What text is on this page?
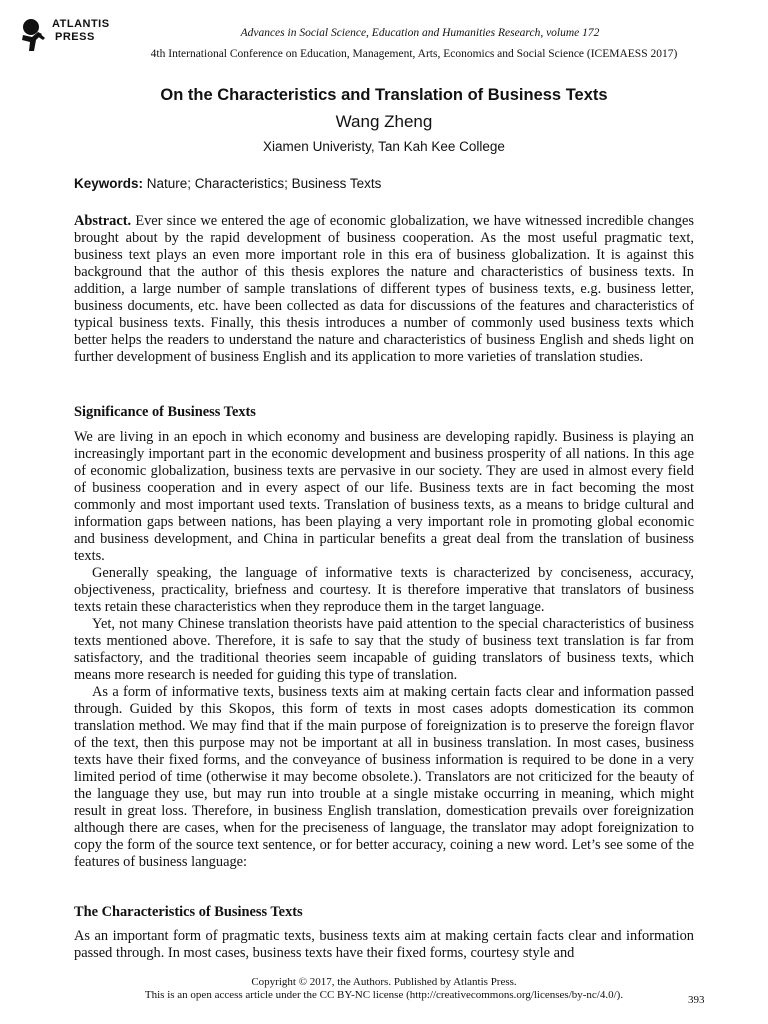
ATLANTIS
PRESS	Advances in Social Science, Education and Humanities Research, volume 172
4th International Conference on Education, Management, Arts, Economics and Social Science (ICEMAESS 2017)
On the Characteristics and Translation of Business Texts
Wang Zheng
Xiamen Univeristy, Tan Kah Kee College
Keywords: Nature; Characteristics; Business Texts

Abstract. Ever since we entered the age of economic globalization, we have witnessed incredible changes brought about by the rapid development of business cooperation. As the most useful pragmatic text, business text plays an even more important role in this era of business globalization. It is against this background that the author of this thesis explores the nature and characteristics of business texts. In addition, a large number of sample translations of different types of business texts, e.g. business letter, business documents, etc. have been collected as data for discussions of the features and characteristics of typical business texts. Finally, this thesis introduces a number of commonly used business texts which better helps the readers to understand the nature and characteristics of business English and sheds light on further development of business English and its application to more varieties of translation studies.

Significance of Business Texts

We are living in an epoch in which economy and business are developing rapidly. Business is playing an increasingly important part in the economic development and business prosperity of all nations. In this age of economic globalization, business texts are pervasive in our society. They are used in almost every field of business cooperation and in every aspect of our life. Business texts are in fact becoming the most commonly and most important used texts. Translation of business texts, as a means to bridge cultural and information gaps between nations, has been playing a very important role in promoting global economic and business development, and China in particular benefits a great deal from the translation of business texts.

Generally speaking, the language of informative texts is characterized by conciseness, accuracy, objectiveness, practicality, briefness and courtesy. It is therefore imperative that translators of business texts retain these characteristics when they reproduce them in the target language.

Yet, not many Chinese translation theorists have paid attention to the special characteristics of business texts mentioned above. Therefore, it is safe to say that the study of business text translation is far from satisfactory, and the traditional theories seem incapable of guiding translators of business texts, which means more research is needed for guiding this type of translation.

As a form of informative texts, business texts aim at making certain facts clear and information passed through. Guided by this Skopos, this form of texts in most cases adopts domestication its common translation method. We may find that if the main purpose of foreignization is to preserve the foreign flavor of the text, then this purpose may not be important at all in business translation. In most cases, business texts have their fixed forms, and the conveyance of business information is required to be done in a very limited period of time (otherwise it may become obsolete.). Translators are not criticized for the beauty of the language they use, but may run into trouble at a single mistake occurring in meaning, which might result in great loss. Therefore, in business English translation, domestication prevails over foreignization although there are cases, when for the preciseness of language, the translator may adopt foreignization to copy the form of the source text sentence, or for better accuracy, coining a new word. Let’s see some of the features of business language:

The Characteristics of Business Texts

As an important form of pragmatic texts, business texts aim at making certain facts clear and information passed through. In most cases, business texts have their fixed forms, courtesy style and

Copyright © 2017, the Authors. Published by Atlantis Press.
This is an open access article under the CC BY-NC license (http://creativecommons.org/licenses/by-nc/4.0/).	393
